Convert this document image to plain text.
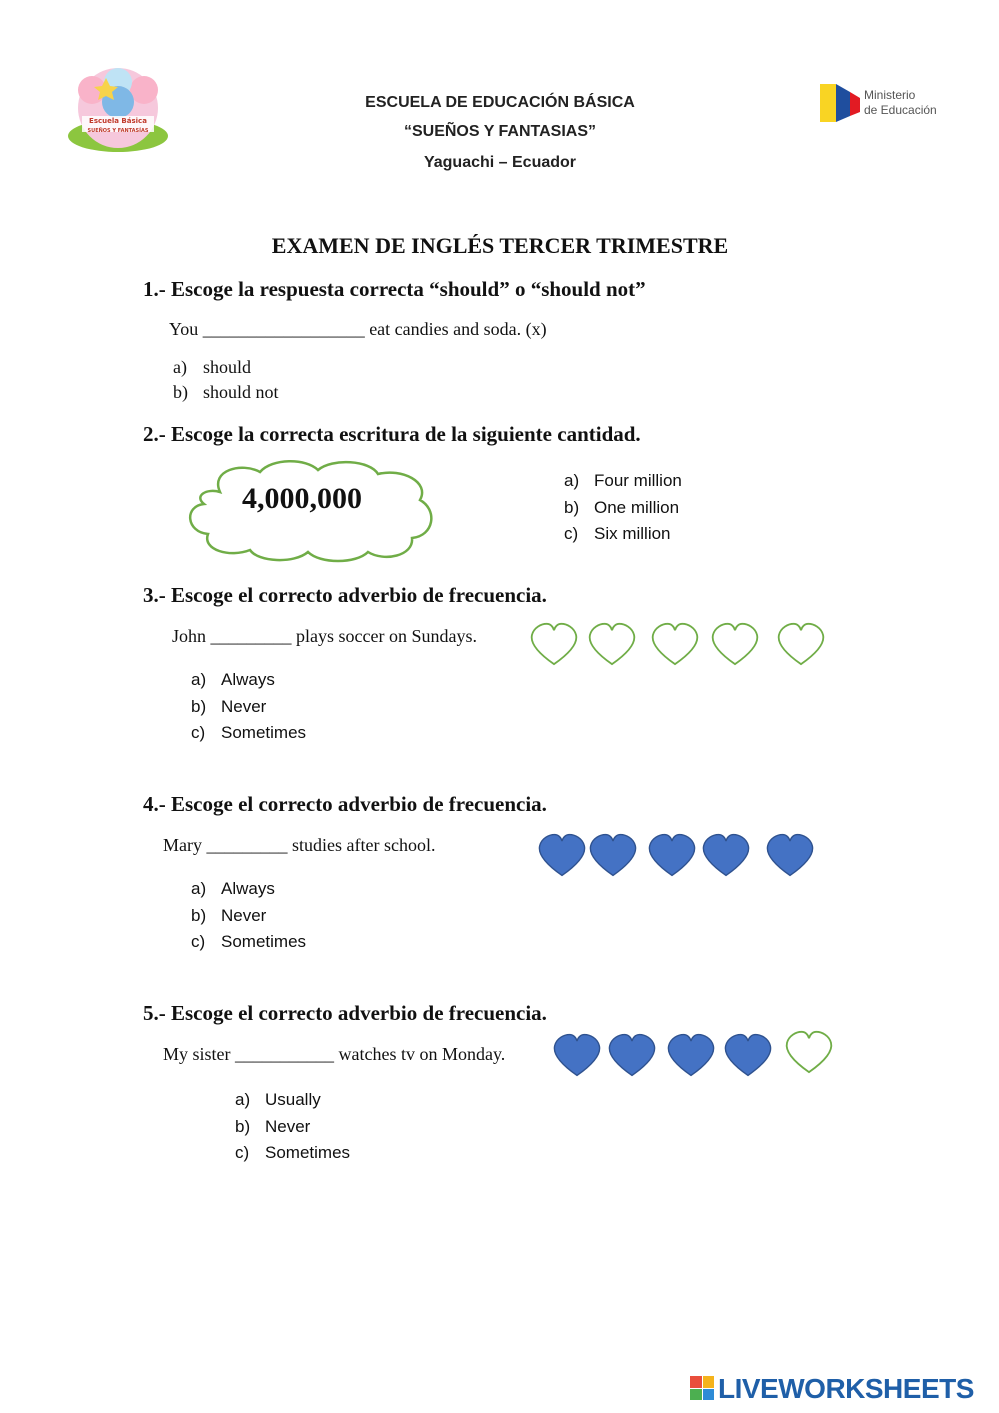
Escuela Básica
SUEÑOS Y FANTASÍAS
ESCUELA DE EDUCACIÓN BÁSICA
“SUEÑOS Y FANTASIAS”
Yaguachi – Ecuador
Ministerio
de Educación
EXAMEN DE INGLÉS TERCER TRIMESTRE
1.- Escoge la respuesta correcta “should” o “should not”
You __________________ eat candies and soda. (x)
a) should
b) should not
2.- Escoge la correcta escritura de la siguiente cantidad.
4,000,000
a) Four million
b) One million
c) Six million
3.- Escoge el correcto adverbio de frecuencia.
John _________ plays soccer on Sundays.
a) Always
b) Never
c) Sometimes
4.- Escoge el correcto adverbio de frecuencia.
Mary _________ studies after school.
a) Always
b) Never
c) Sometimes
5.- Escoge el correcto adverbio de frecuencia.
My sister ___________ watches tv on Monday.
a) Usually
b) Never
c) Sometimes
LIVEWORKSHEETS
